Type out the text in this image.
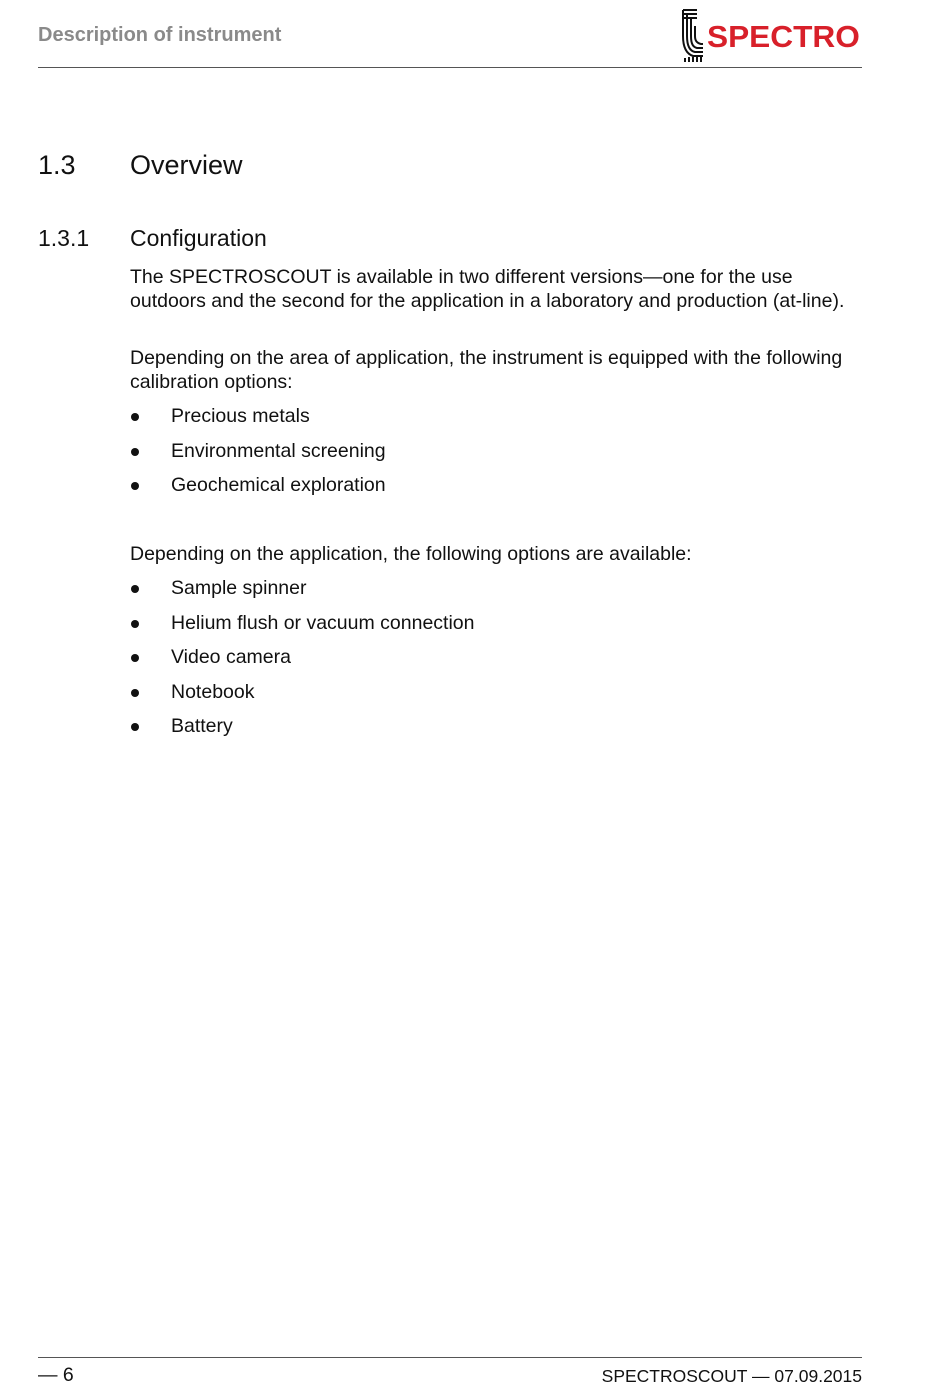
Description of instrument	SPECTRO
1.3 Overview
1.3.1 Configuration
The SPECTROSCOUT is available in two different versions—one for the use outdoors and the second for the application in a laboratory and production (at-line).
Depending on the area of application, the instrument is equipped with the following calibration options:
Precious metals
Environmental screening
Geochemical exploration
Depending on the application, the following options are available:
Sample spinner
Helium flush or vacuum connection
Video camera
Notebook
Battery
— 6	SPECTROSCOUT — 07.09.2015
